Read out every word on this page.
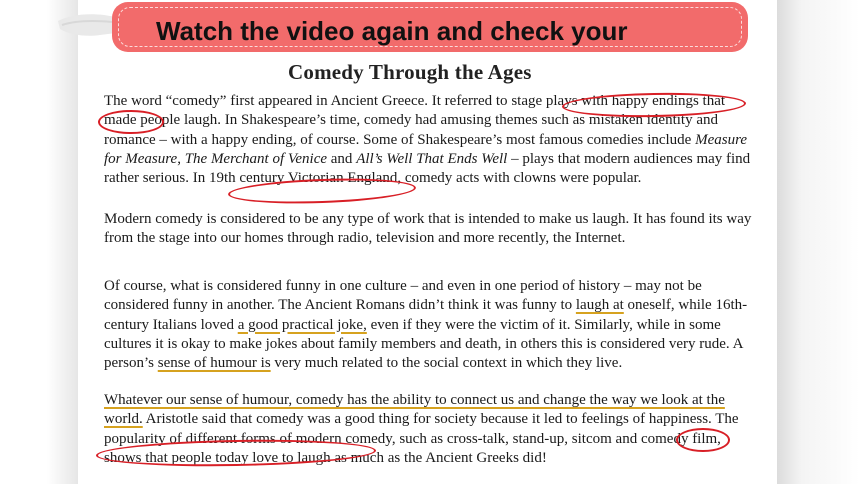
Watch the video again and check your

Comedy Through the Ages

The word “comedy” first appeared in Ancient Greece. It referred to stage plays with happy endings that made people laugh. In Shakespeare’s time, comedy had amusing themes such as mistaken identity and romance – with a happy ending, of course. Some of Shakespeare’s most famous comedies include Measure for Measure, The Merchant of Venice and All’s Well That Ends Well – plays that modern audiences may find rather serious. In 19th century Victorian England, comedy acts with clowns were popular.

Modern comedy is considered to be any type of work that is intended to make us laugh. It has found its way from the stage into our homes through radio, television and more recently, the Internet.

Of course, what is considered funny in one culture – and even in one period of history – may not be considered funny in another. The Ancient Romans didn’t think it was funny to laugh at oneself, while 16th-century Italians loved a good practical joke, even if they were the victim of it. Similarly, while in some cultures it is okay to make jokes about family members and death, in others this is considered very rude. A person’s sense of humour is very much related to the social context in which they live.

Whatever our sense of humour, comedy has the ability to connect us and change the way we look at the world. Aristotle said that comedy was a good thing for society because it led to feelings of happiness. The popularity of different forms of modern comedy, such as cross-talk, stand-up, sitcom and comedy film, shows that people today love to laugh as much as the Ancient Greeks did!
